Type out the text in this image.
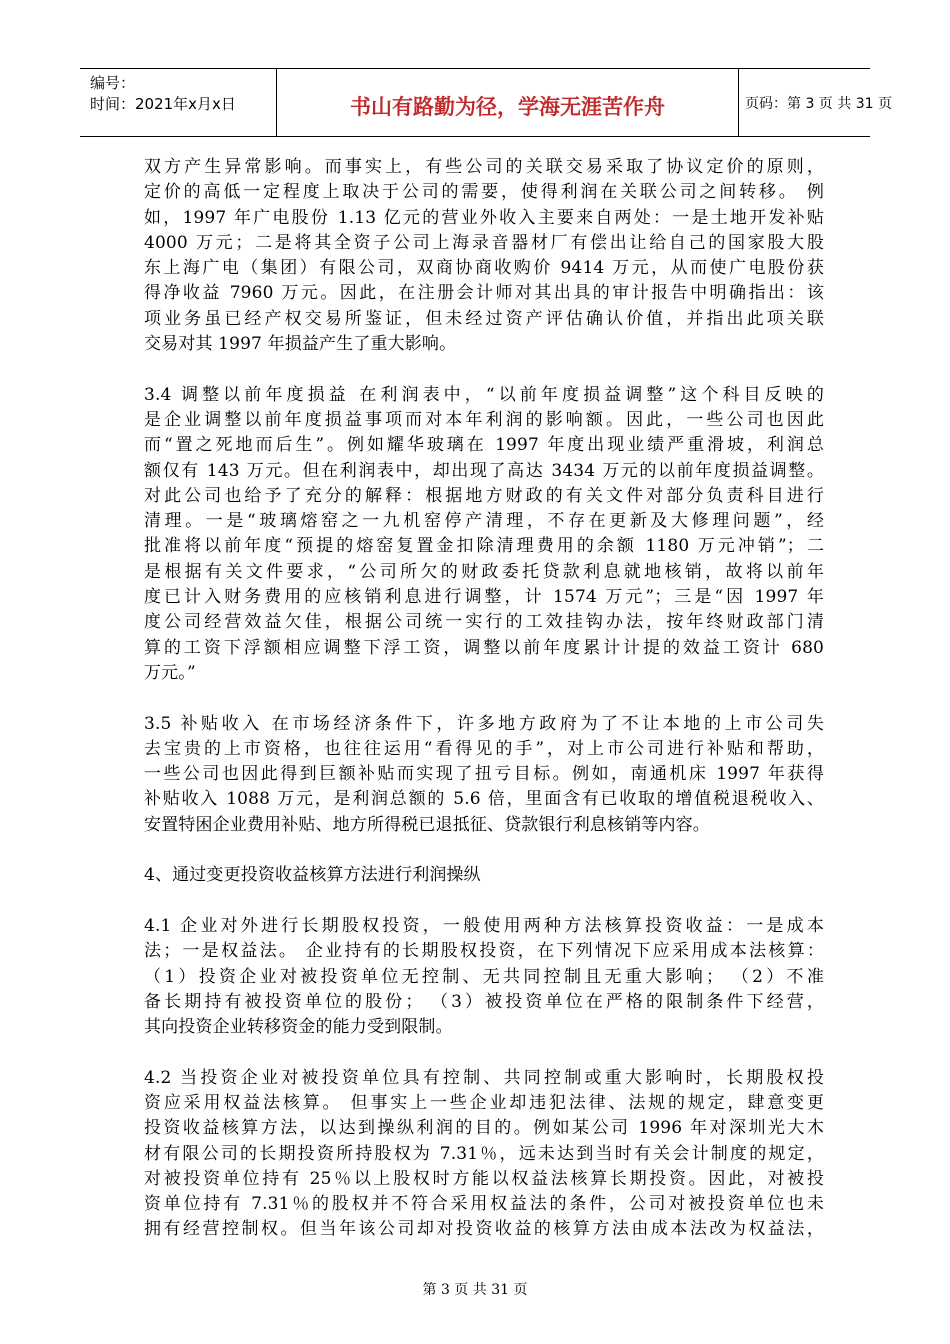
编号：
时间：2021年x月x日	书山有路勤为径，学海无涯苦作舟	页码：第 3 页 共 31 页
双方产生异常影响。而事实上，有些公司的关联交易采取了协议定价的原则，
定价的高低一定程度上取决于公司的需要，使得利润在关联公司之间转移。 例
如，1997 年广电股份 1.13 亿元的营业外收入主要来自两处：一是土地开发补贴
4000 万元；二是将其全资子公司上海录音器材厂有偿出让给自己的国家股大股
东上海广电（集团）有限公司，双商协商收购价 9414 万元，从而使广电股份获
得净收益 7960 万元。因此，在注册会计师对其出具的审计报告中明确指出：该
项业务虽已经产权交易所鉴证，但未经过资产评估确认价值，并指出此项关联
交易对其 1997 年损益产生了重大影响。
3.4 调整以前年度损益 在利润表中，“以前年度损益调整”这个科目反映的
是企业调整以前年度损益事项而对本年利润的影响额。因此，一些公司也因此
而“置之死地而后生”。例如耀华玻璃在 1997 年度出现业绩严重滑坡，利润总
额仅有 143 万元。但在利润表中，却出现了高达 3434 万元的以前年度损益调整。
对此公司也给予了充分的解释：根据地方财政的有关文件对部分负责科目进行
清理。一是“玻璃熔窑之一九机窑停产清理，不存在更新及大修理问题”，经
批准将以前年度“预提的熔窑复置金扣除清理费用的余额 1180 万元冲销”；二
是根据有关文件要求，“公司所欠的财政委托贷款利息就地核销，故将以前年
度已计入财务费用的应核销利息进行调整，计 1574 万元”；三是“因 1997 年
度公司经营效益欠佳，根据公司统一实行的工效挂钩办法，按年终财政部门清
算的工资下浮额相应调整下浮工资，调整以前年度累计计提的效益工资计 680
万元。”
3.5 补贴收入 在市场经济条件下，许多地方政府为了不让本地的上市公司失
去宝贵的上市资格，也往往运用“看得见的手”，对上市公司进行补贴和帮助，
一些公司也因此得到巨额补贴而实现了扭亏目标。例如，南通机床 1997 年获得
补贴收入 1088 万元，是利润总额的 5.6 倍，里面含有已收取的增值税退税收入、
安置特困企业费用补贴、地方所得税已退抵征、贷款银行利息核销等内容。
4、通过变更投资收益核算方法进行利润操纵
4.1 企业对外进行长期股权投资，一般使用两种方法核算投资收益：一是成本
法；一是权益法。 企业持有的长期股权投资，在下列情况下应采用成本法核算：
（1）投资企业对被投资单位无控制、无共同控制且无重大影响； （2）不准
备长期持有被投资单位的股份； （3）被投资单位在严格的限制条件下经营，
其向投资企业转移资金的能力受到限制。
4.2 当投资企业对被投资单位具有控制、共同控制或重大影响时，长期股权投
资应采用权益法核算。 但事实上一些企业却违犯法律、法规的规定，肆意变更
投资收益核算方法，以达到操纵利润的目的。例如某公司 1996 年对深圳光大木
材有限公司的长期投资所持股权为 7.31％，远未达到当时有关会计制度的规定，
对被投资单位持有 25％以上股权时方能以权益法核算长期投资。因此，对被投
资单位持有 7.31％的股权并不符合采用权益法的条件，公司对被投资单位也未
拥有经营控制权。但当年该公司却对投资收益的核算方法由成本法改为权益法，
第 3 页 共 31 页
